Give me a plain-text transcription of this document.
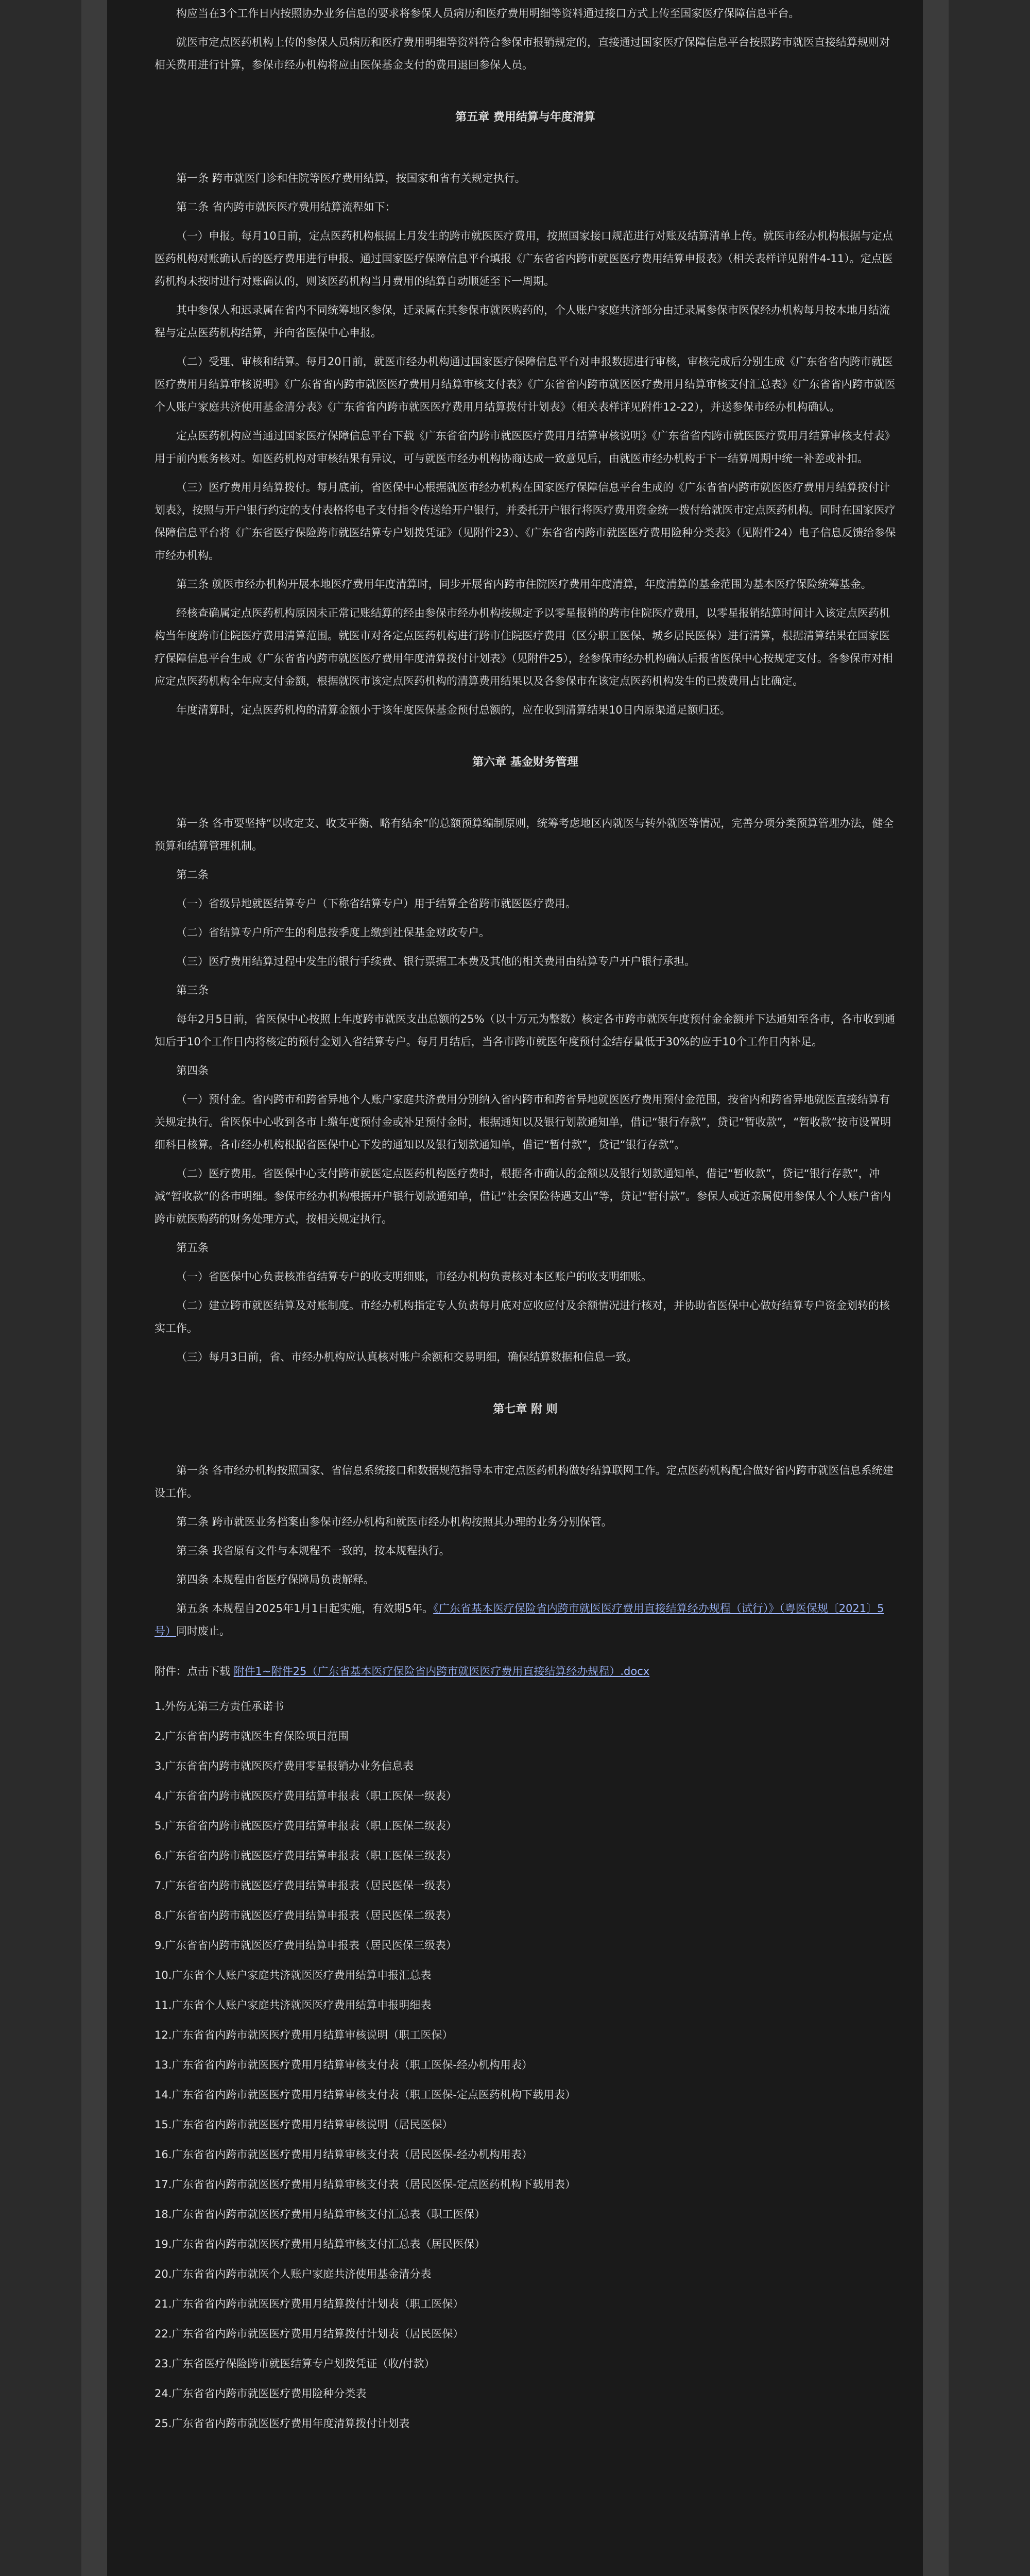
构应当在3个工作日内按照协办业务信息的要求将参保人员病历和医疗费用明细等资料通过接口方式上传至国家医疗保障信息平台。

就医市定点医药机构上传的参保人员病历和医疗费用明细等资料符合参保市报销规定的，直接通过国家医疗保障信息平台按照跨市就医直接结算规则对相关费用进行计算，参保市经办机构将应由医保基金支付的费用退回参保人员。

第五章 费用结算与年度清算

第一条 跨市就医门诊和住院等医疗费用结算，按国家和省有关规定执行。

第二条 省内跨市就医医疗费用结算流程如下：

（一）申报。每月10日前，定点医药机构根据上月发生的跨市就医医疗费用，按照国家接口规范进行对账及结算清单上传。就医市经办机构根据与定点医药机构对账确认后的医疗费用进行申报。通过国家医疗保障信息平台填报《广东省省内跨市就医医疗费用结算申报表》（相关表样详见附件4-11）。定点医药机构未按时进行对账确认的，则该医药机构当月费用的结算自动顺延至下一周期。

其中参保人和迟录属在省内不同统筹地区参保，迁录属在其参保市就医购药的，个人账户家庭共济部分由迁录属参保市医保经办机构每月按本地月结流程与定点医药机构结算，并向省医保中心申报。

（二）受理、审核和结算。每月20日前，就医市经办机构通过国家医疗保障信息平台对申报数据进行审核，审核完成后分别生成《广东省省内跨市就医医疗费用月结算审核说明》《广东省省内跨市就医医疗费用月结算审核支付表》《广东省省内跨市就医医疗费用月结算审核支付汇总表》《广东省省内跨市就医个人账户家庭共济使用基金清分表》《广东省省内跨市就医医疗费用月结算拨付计划表》（相关表样详见附件12-22），并送参保市经办机构确认。

定点医药机构应当通过国家医疗保障信息平台下载《广东省省内跨市就医医疗费用月结算审核说明》《广东省省内跨市就医医疗费用月结算审核支付表》用于前内账务核对。如医药机构对审核结果有异议，可与就医市经办机构协商达成一致意见后，由就医市经办机构于下一结算周期中统一补差或补扣。

（三）医疗费用月结算拨付。每月底前，省医保中心根据就医市经办机构在国家医疗保障信息平台生成的《广东省省内跨市就医医疗费用月结算拨付计划表》，按照与开户银行约定的支付表格将电子支付指令传送给开户银行，并委托开户银行将医疗费用资金统一拨付给就医市定点医药机构。同时在国家医疗保障信息平台将《广东省医疗保险跨市就医结算专户划拨凭证》（见附件23）、《广东省省内跨市就医医疗费用险种分类表》（见附件24）电子信息反馈给参保市经办机构。

第三条 就医市经办机构开展本地医疗费用年度清算时，同步开展省内跨市住院医疗费用年度清算，年度清算的基金范围为基本医疗保险统筹基金。

经核查确属定点医药机构原因未正常记账结算的经由参保市经办机构按规定予以零星报销的跨市住院医疗费用，以零星报销结算时间计入该定点医药机构当年度跨市住院医疗费用清算范围。就医市对各定点医药机构进行跨市住院医疗费用（区分职工医保、城乡居民医保）进行清算，根据清算结果在国家医疗保障信息平台生成《广东省省内跨市就医医疗费用年度清算拨付计划表》（见附件25），经参保市经办机构确认后报省医保中心按规定支付。各参保市对相应定点医药机构全年应支付金额，根据就医市该定点医药机构的清算费用结果以及各参保市在该定点医药机构发生的已拨费用占比确定。

年度清算时，定点医药机构的清算金额小于该年度医保基金预付总额的，应在收到清算结果10日内原渠道足额归还。

第六章 基金财务管理

第一条 各市要坚持“以收定支、收支平衡、略有结余”的总额预算编制原则，统筹考虑地区内就医与转外就医等情况，完善分项分类预算管理办法，健全预算和结算管理机制。

第二条

（一）省级异地就医结算专户（下称省结算专户）用于结算全省跨市就医医疗费用。

（二）省结算专户所产生的利息按季度上缴到社保基金财政专户。

（三）医疗费用结算过程中发生的银行手续费、银行票据工本费及其他的相关费用由结算专户开户银行承担。

第三条

每年2月5日前，省医保中心按照上年度跨市就医支出总额的25%（以十万元为整数）核定各市跨市就医年度预付金金额并下达通知至各市，各市收到通知后于10个工作日内将核定的预付金划入省结算专户。每月月结后，当各市跨市就医年度预付金结存量低于30%的应于10个工作日内补足。

第四条

（一）预付金。省内跨市和跨省异地个人账户家庭共济费用分别纳入省内跨市和跨省异地就医医疗费用预付金范围，按省内和跨省异地就医直接结算有关规定执行。省医保中心收到各市上缴年度预付金或补足预付金时，根据通知以及银行划款通知单，借记“银行存款”，贷记“暂收款”，“暂收款”按市设置明细科目核算。各市经办机构根据省医保中心下发的通知以及银行划款通知单，借记“暂付款”，贷记“银行存款”。

（二）医疗费用。省医保中心支付跨市就医定点医药机构医疗费时，根据各市确认的金额以及银行划款通知单，借记“暂收款”，贷记“银行存款”，冲减“暂收款”的各市明细。参保市经办机构根据开户银行划款通知单，借记“社会保险待遇支出”等，贷记“暂付款”。参保人或近亲属使用参保人个人账户省内跨市就医购药的财务处理方式，按相关规定执行。

第五条

（一）省医保中心负责核准省结算专户的收支明细账，市经办机构负责核对本区账户的收支明细账。

（二）建立跨市就医结算及对账制度。市经办机构指定专人负责每月底对应收应付及余额情况进行核对，并协助省医保中心做好结算专户资金划转的核实工作。

（三）每月3日前，省、市经办机构应认真核对账户余额和交易明细，确保结算数据和信息一致。

第七章 附 则

第一条 各市经办机构按照国家、省信息系统接口和数据规范指导本市定点医药机构做好结算联网工作。定点医药机构配合做好省内跨市就医信息系统建设工作。

第二条 跨市就医业务档案由参保市经办机构和就医市经办机构按照其办理的业务分别保管。

第三条 我省原有文件与本规程不一致的，按本规程执行。

第四条 本规程由省医疗保障局负责解释。

第五条 本规程自2025年1月1日起实施，有效期5年。《广东省基本医疗保险省内跨市就医医疗费用直接结算经办规程（试行）》（粤医保规〔2021〕5号）同时废止。

附件：点击下载 附件1~附件25（广东省基本医疗保险省内跨市就医医疗费用直接结算经办规程）.docx

1.外伤无第三方责任承诺书

2.广东省省内跨市就医生育保险项目范围

3.广东省省内跨市就医医疗费用零星报销办业务信息表

4.广东省省内跨市就医医疗费用结算申报表（职工医保一级表）

5.广东省省内跨市就医医疗费用结算申报表（职工医保二级表）

6.广东省省内跨市就医医疗费用结算申报表（职工医保三级表）

7.广东省省内跨市就医医疗费用结算申报表（居民医保一级表）

8.广东省省内跨市就医医疗费用结算申报表（居民医保二级表）

9.广东省省内跨市就医医疗费用结算申报表（居民医保三级表）

10.广东省个人账户家庭共济就医医疗费用结算申报汇总表

11.广东省个人账户家庭共济就医医疗费用结算申报明细表

12.广东省省内跨市就医医疗费用月结算审核说明（职工医保）

13.广东省省内跨市就医医疗费用月结算审核支付表（职工医保-经办机构用表）

14.广东省省内跨市就医医疗费用月结算审核支付表（职工医保-定点医药机构下载用表）

15.广东省省内跨市就医医疗费用月结算审核说明（居民医保）

16.广东省省内跨市就医医疗费用月结算审核支付表（居民医保-经办机构用表）

17.广东省省内跨市就医医疗费用月结算审核支付表（居民医保-定点医药机构下载用表）

18.广东省省内跨市就医医疗费用月结算审核支付汇总表（职工医保）

19.广东省省内跨市就医医疗费用月结算审核支付汇总表（居民医保）

20.广东省省内跨市就医个人账户家庭共济使用基金清分表

21.广东省省内跨市就医医疗费用月结算拨付计划表（职工医保）

22.广东省省内跨市就医医疗费用月结算拨付计划表（居民医保）

23.广东省医疗保险跨市就医结算专户划拨凭证（收/付款）

24.广东省省内跨市就医医疗费用险种分类表

25.广东省省内跨市就医医疗费用年度清算拨付计划表
